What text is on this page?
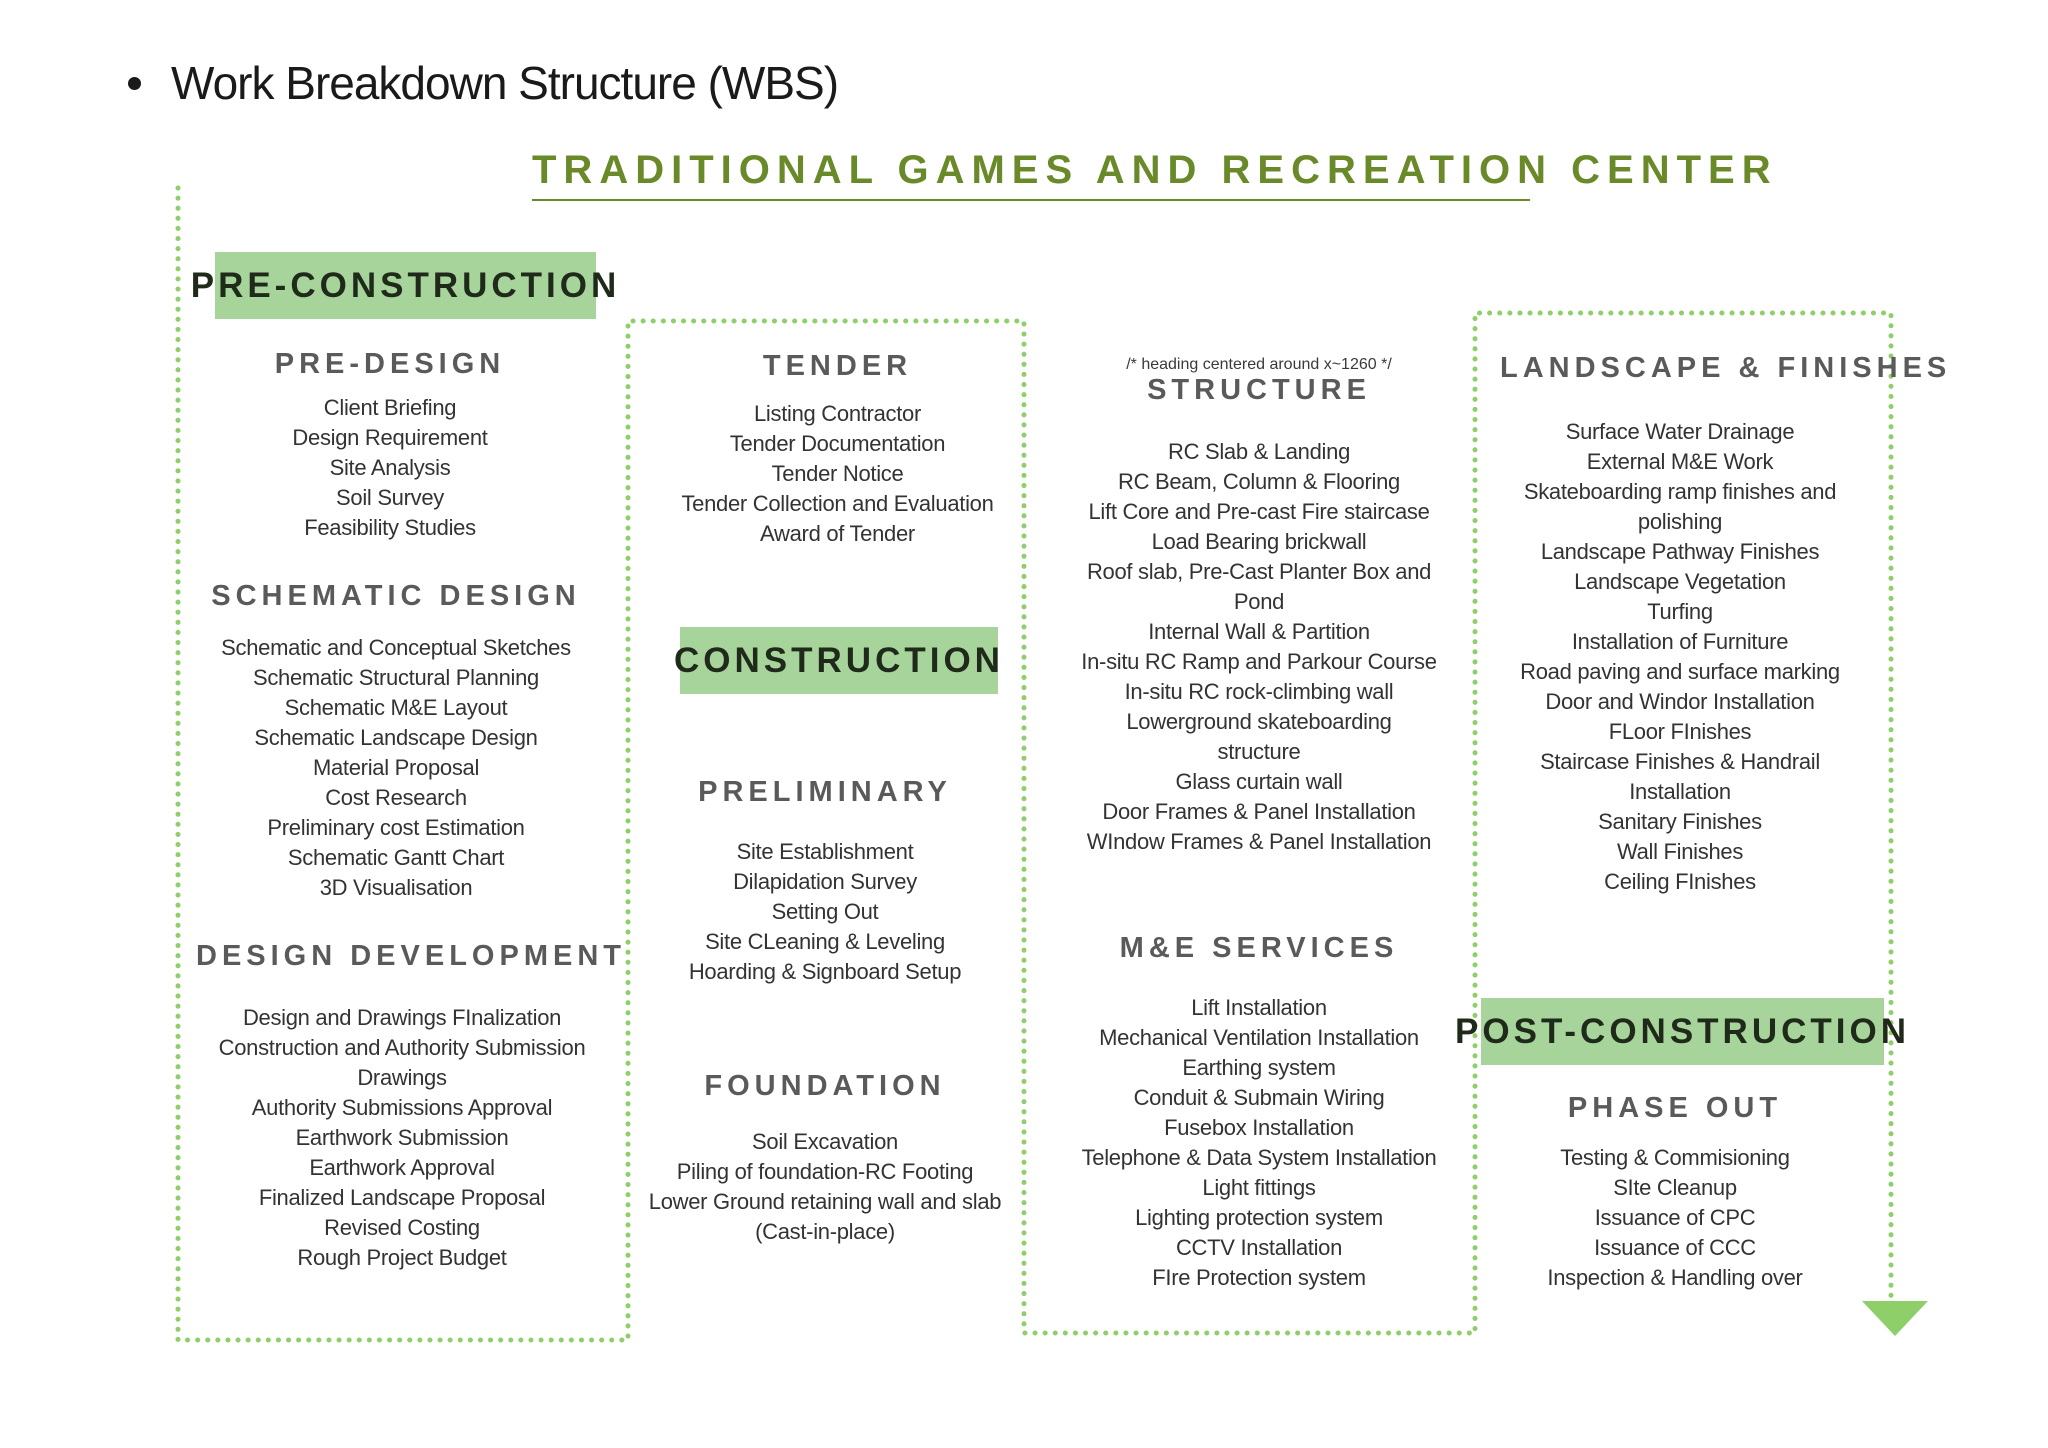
Work Breakdown Structure (WBS)
TRADITIONAL GAMES AND RECREATION CENTER
PRE-CONSTRUCTION
CONSTRUCTION
POST-CONSTRUCTION
PRE-DESIGN
Client Briefing
Design Requirement
Site Analysis
Soil Survey
Feasibility Studies
SCHEMATIC DESIGN
Schematic and Conceptual Sketches
Schematic Structural Planning
Schematic M&E Layout
Schematic Landscape Design
Material Proposal
Cost Research
Preliminary cost Estimation
Schematic Gantt Chart
3D Visualisation
DESIGN DEVELOPMENT
Design and Drawings FInalization
Construction and Authority Submission
Drawings
Authority Submissions Approval
Earthwork Submission
Earthwork Approval
Finalized Landscape Proposal
Revised Costing
Rough Project Budget
TENDER
Listing Contractor
Tender Documentation
Tender Notice
Tender Collection and Evaluation
Award of Tender
PRELIMINARY
Site Establishment
Dilapidation Survey
Setting Out
Site CLeaning & Leveling
Hoarding & Signboard Setup
FOUNDATION
Soil Excavation
Piling of foundation-RC Footing
Lower Ground retaining wall and slab
(Cast-in-place)
/* heading centered around x~1260 */
STRUCTURE
RC Slab & Landing
RC Beam, Column & Flooring
Lift Core and Pre-cast Fire staircase
Load Bearing brickwall
Roof slab, Pre-Cast Planter Box and
Pond
Internal Wall & Partition
In-situ RC Ramp and Parkour Course
In-situ RC rock-climbing wall
Lowerground skateboarding
structure
Glass curtain wall
Door Frames & Panel Installation
WIndow Frames & Panel Installation
M&E SERVICES
Lift Installation
Mechanical Ventilation Installation
Earthing system
Conduit & Submain Wiring
Fusebox Installation
Telephone & Data System Installation
Light fittings
Lighting protection system
CCTV Installation
FIre Protection system
LANDSCAPE & FINISHES
Surface Water Drainage
External M&E Work
Skateboarding ramp finishes and
polishing
Landscape Pathway Finishes
Landscape Vegetation
Turfing
Installation of Furniture
Road paving and surface marking
Door and Windor Installation
FLoor FInishes
Staircase Finishes & Handrail
Installation
Sanitary Finishes
Wall Finishes
Ceiling FInishes
PHASE OUT
Testing & Commisioning
SIte Cleanup
Issuance of CPC
Issuance of CCC
Inspection & Handling over
